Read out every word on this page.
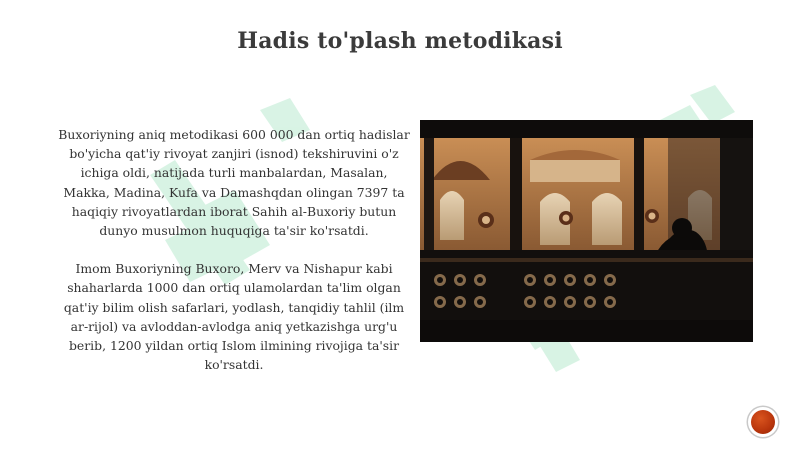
Hadis to'plash metodikasi

Buxoriyning aniq metodikasi 600 000 dan ortiq hadislar bo'yicha qat'iy rivoyat zanjiri (isnod) tekshiruvini o'z ichiga oldi, natijada turli manbalardan, Masalan, Makka, Madina, Kufa va Damashqdan olingan 7397 ta haqiqiy rivoyatlardan iborat Sahih al-Buxoriy butun dunyo musulmon huquqiga ta'sir ko'rsatdi.

Imom Buxoriyning Buxoro, Merv va Nishapur kabi shaharlarda 1000 dan ortiq ulamolardan ta'lim olgan qat'iy bilim olish safarlari, yodlash, tanqidiy tahlil (ilm ar-rijol) va avloddan-avlodga aniq yetkazishga urg'u berib, 1200 yildan ortiq Islom ilmining rivojiga ta'sir ko'rsatdi.
